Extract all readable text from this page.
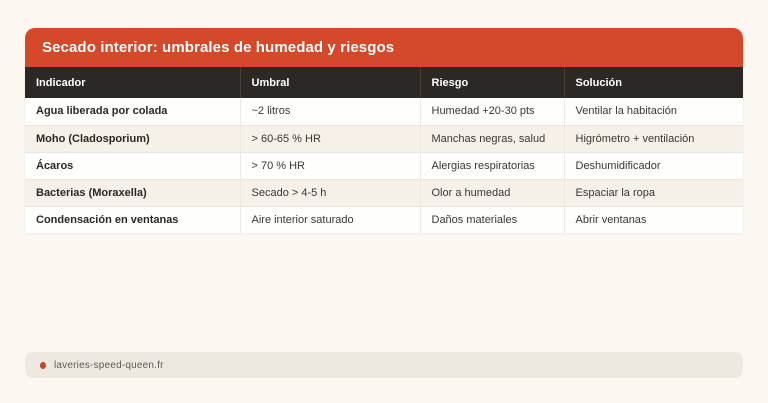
Secado interior: umbrales de humedad y riesgos
Indicador	Umbral	Riesgo	Solución
Agua liberada por colada	~2 litros	Humedad +20-30 pts	Ventilar la habitación
Moho (Cladosporium)	> 60-65 % HR	Manchas negras, salud	Higrómetro + ventilación
Ácaros	> 70 % HR	Alergias respiratorias	Deshumidificador
Bacterias (Moraxella)	Secado > 4-5 h	Olor a humedad	Espaciar la ropa
Condensación en ventanas	Aire interior saturado	Daños materiales	Abrir ventanas
laveries-speed-queen.fr
